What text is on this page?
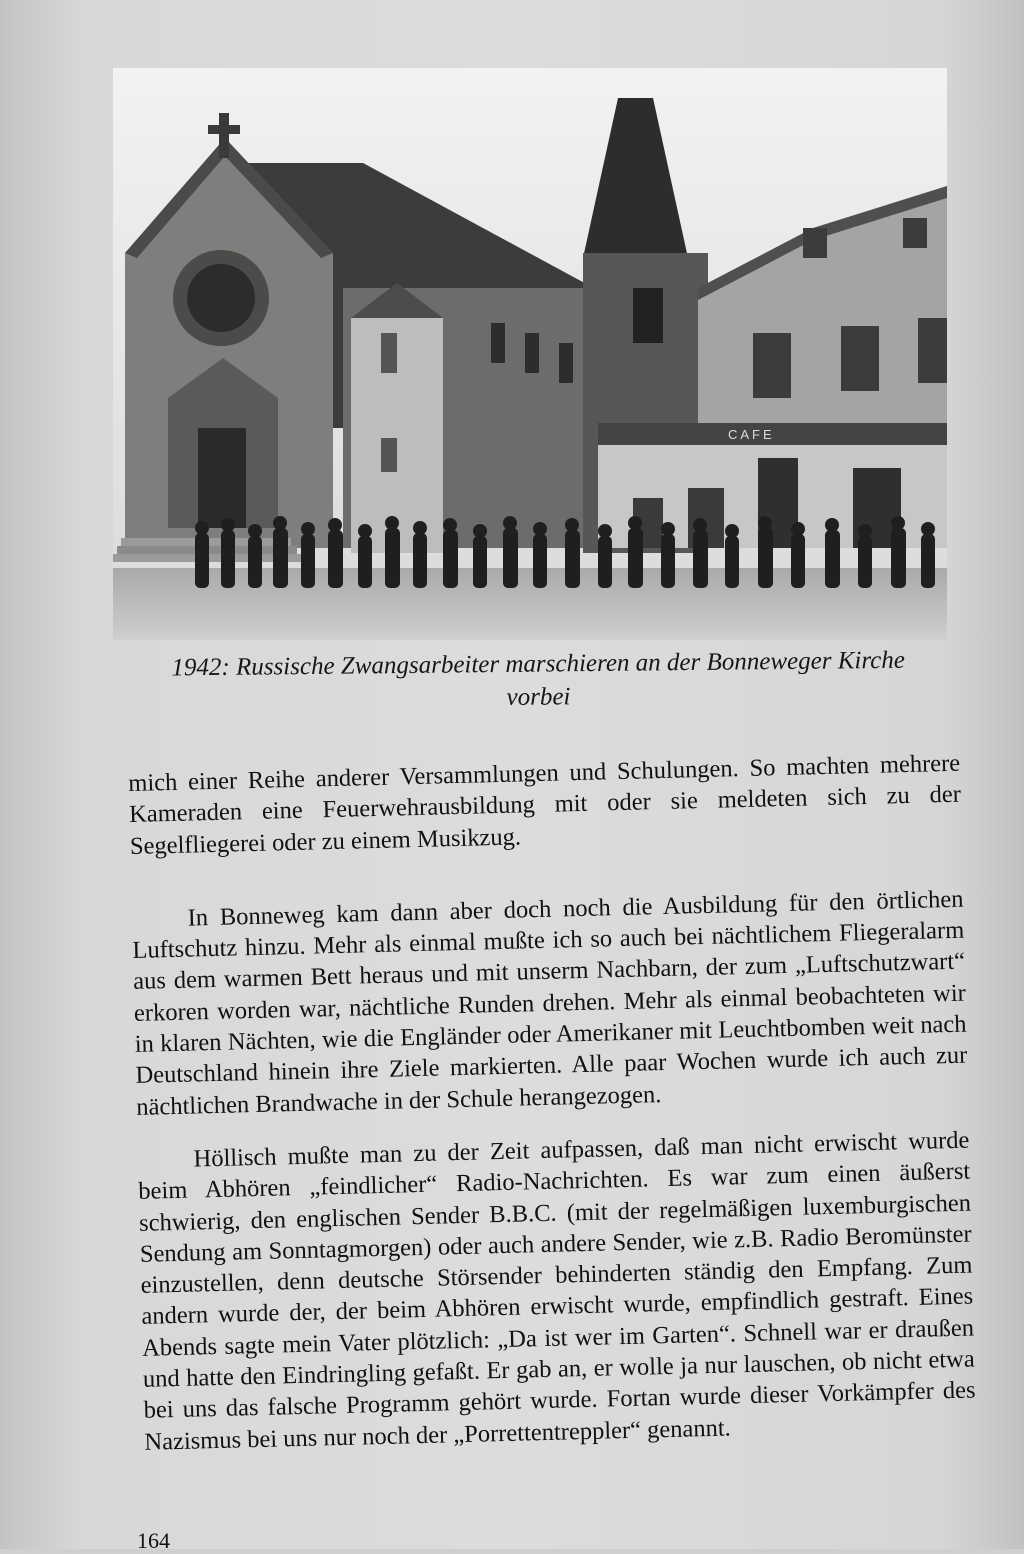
CAFE
1942: Russische Zwangsarbeiter marschieren an der Bonneweger Kirche
vorbei

mich einer Reihe anderer Versammlungen und Schulungen. So machten mehrere Kameraden eine Feuerwehrausbildung mit oder sie meldeten sich zu der Segelfliegerei oder zu einem Musikzug.

In Bonneweg kam dann aber doch noch die Ausbildung für den örtlichen Luftschutz hinzu. Mehr als einmal mußte ich so auch bei nächtlichem Fliegeralarm aus dem warmen Bett heraus und mit unserm Nachbarn, der zum „Luftschutzwart“ erkoren worden war, nächtliche Runden drehen. Mehr als einmal beobachteten wir in klaren Nächten, wie die Engländer oder Amerikaner mit Leuchtbomben weit nach Deutschland hinein ihre Ziele markierten. Alle paar Wochen wurde ich auch zur nächtlichen Brandwache in der Schule herangezogen.

Höllisch mußte man zu der Zeit aufpassen, daß man nicht erwischt wurde beim Abhören „feindlicher“ Radio-Nachrichten. Es war zum einen äußerst schwierig, den englischen Sender B.B.C. (mit der regelmäßigen luxemburgischen Sendung am Sonntagmorgen) oder auch andere Sender, wie z.B. Radio Beromünster einzustellen, denn deutsche Störsender behinderten ständig den Empfang. Zum andern wurde der, der beim Abhören erwischt wurde, empfindlich gestraft. Eines Abends sagte mein Vater plötzlich: „Da ist wer im Garten“. Schnell war er draußen und hatte den Eindringling gefaßt. Er gab an, er wolle ja nur lauschen, ob nicht etwa bei uns das falsche Programm gehört wurde. Fortan wurde dieser Vorkämpfer des Nazismus bei uns nur noch der „Porrettentreppler“ genannt.

164
